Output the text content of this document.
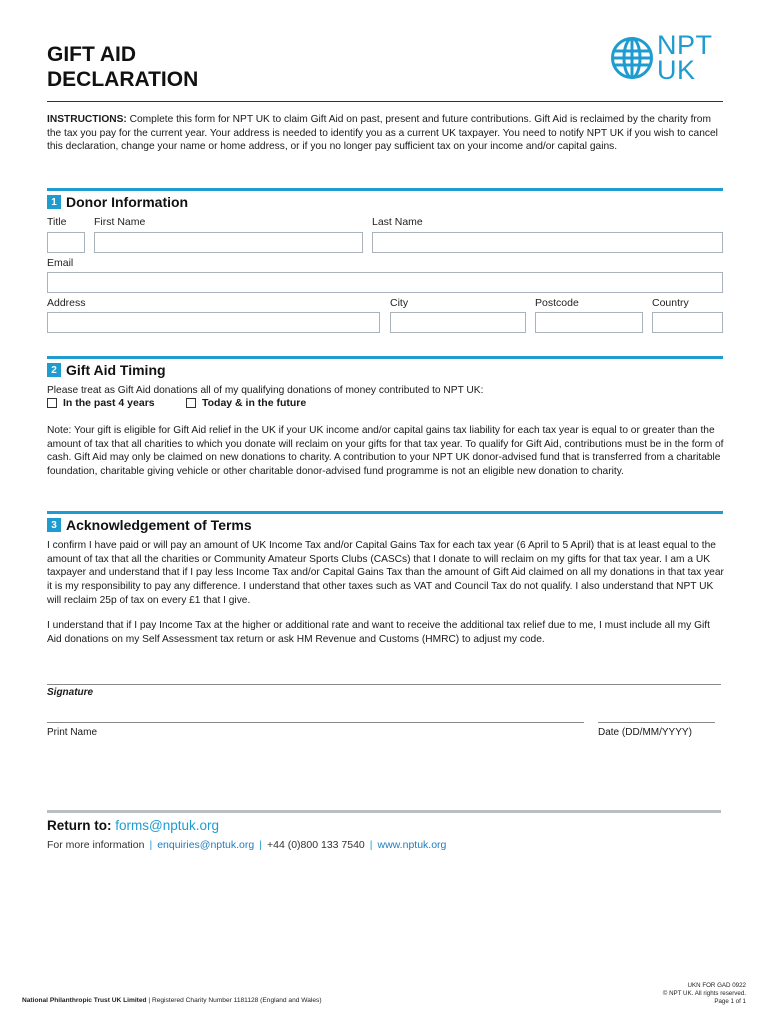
GIFT AID
DECLARATION
NPT
UK
INSTRUCTIONS: Complete this form for NPT UK to claim Gift Aid on past, present and future contributions. Gift Aid is reclaimed by the charity from the tax you pay for the current year. Your address is needed to identify you as a current UK taxpayer. You need to notify NPT UK if you wish to cancel this declaration, change your name or home address, or if you no longer pay sufficient tax on your income and/or capital gains.
1 Donor Information
Title	First Name	Last Name
Email
Address	City	Postcode	Country
2 Gift Aid Timing
Please treat as Gift Aid donations all of my qualifying donations of money contributed to NPT UK:
In the past 4 years	Today & in the future
Note: Your gift is eligible for Gift Aid relief in the UK if your UK income and/or capital gains tax liability for each tax year is equal to or greater than the amount of tax that all charities to which you donate will reclaim on your gifts for that tax year. To qualify for Gift Aid, contributions must be in the form of cash. Gift Aid may only be claimed on new donations to charity. A contribution to your NPT UK donor-advised fund that is transferred from a charitable foundation, charitable giving vehicle or other charitable donor-advised fund programme is not an eligible new donation to charity.
3 Acknowledgement of Terms
I confirm I have paid or will pay an amount of UK Income Tax and/or Capital Gains Tax for each tax year (6 April to 5 April) that is at least equal to the amount of tax that all the charities or Community Amateur Sports Clubs (CASCs) that I donate to will reclaim on my gifts for that tax year. I am a UK taxpayer and understand that if I pay less Income Tax and/or Capital Gains Tax than the amount of Gift Aid claimed on all my donations in that tax year it is my responsibility to pay any difference. I understand that other taxes such as VAT and Council Tax do not qualify. I also understand that NPT UK will reclaim 25p of tax on every £1 that I give.
I understand that if I pay Income Tax at the higher or additional rate and want to receive the additional tax relief due to me, I must include all my Gift Aid donations on my Self Assessment tax return or ask HM Revenue and Customs (HMRC) to adjust my code.
Signature
Print Name	Date (DD/MM/YYYY)
Return to: forms@nptuk.org
For more information | enquiries@nptuk.org | +44 (0)800 133 7540 | www.nptuk.org
National Philanthropic Trust UK Limited | Registered Charity Number 1181128 (England and Wales)
UKN FOR GAD 0922
© NPT UK. All rights reserved.
Page 1 of 1
